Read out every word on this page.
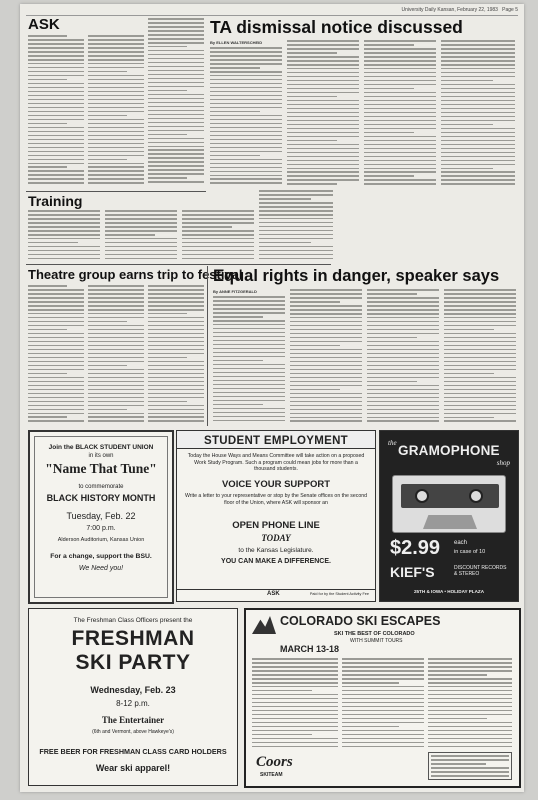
University Daily Kansan, February 22, 1983 Page 5
ASK	TA dismissal notice discussed
By ELLEN WALTERSCHEID
Training
Theatre group earns trip to festival
Equal rights in danger, speaker says
By ANNE FITZGERALD
Join the BLACK STUDENT UNION
in its own
"Name That Tune"
to commemorate
BLACK HISTORY MONTH
Tuesday, Feb. 22
7:00 p.m.
Alderson Auditorium, Kansas Union
For a change, support the BSU.
We Need you!
STUDENT EMPLOYMENT
Today the House Ways and Means Committee will take action on a proposed Work Study Program. Such a program could mean jobs for more than a thousand students.
VOICE YOUR SUPPORT
Write a letter to your representative or stop by the Senate offices on the second floor of the Union, where ASK will sponsor an
OPEN PHONE LINE
TODAY
to the Kansas Legislature.
YOU CAN MAKE A DIFFERENCE.
ASK	Paid for by the Student Activity Fee
the GRAMOPHONE
shop
$2.99 each
in case of 10
KIEF'S	DISCOUNT RECORDS & STEREO
25TH & IOWA • HOLIDAY PLAZA
The Freshman Class Officers present the
FRESHMAN
SKI PARTY
Wednesday, Feb. 23
8-12 p.m.
The Entertainer
(6th and Vermont, above Hawkeye's)
FREE BEER FOR FRESHMAN CLASS CARD HOLDERS
Wear ski apparel!
COLORADO SKI ESCAPES
SKI THE BEST OF COLORADO
WITH SUMMIT TOURS
MARCH 13-18
Coors
SKITEAM
